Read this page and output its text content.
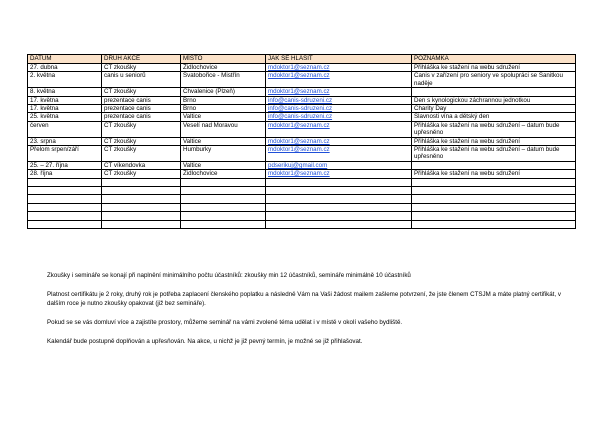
DATUM	DRUH AKCE	MÍSTO	JAK SE HLÁSIT	POZNÁMKA
27. dubna	CT zkoušky	Židlochovice	mdoktor1@seznam.cz	Přihláška ke stažení na webu sdružení
2. května	canis u seniorů	Svatobořice - Mistřín	mdoktor1@seznam.cz	Canis v zařízení pro seniory ve spolupráci se Sanitkou naděje
8. května	CT zkoušky	Chvalenice (Plzeň)	mdoktor1@seznam.cz	
17. května	prezentace canis	Brno	info@canis-sdruzeni.cz	Den s kynologickou záchrannou jednotkou
17. května	prezentace canis	Brno	info@canis-sdruzeni.cz	Charity Day
25. května	prezentace canis	Valtice	info@canis-sdruzeni.cz	Slavnosti vína a dětský den
červen	CT zkoušky	Veselí nad Moravou	mdoktor1@seznam.cz	Přihláška ke stažení na webu sdružení – datum bude upřesněno
23. srpna	CT zkoušky	Valtice	mdoktor1@seznam.cz	Přihláška ke stažení na webu sdružení
Přelom srpen/září	CT zkoušky	Humburky	mdoktor1@seznam.cz	Přihláška ke stažení na webu sdružení – datum bude upřesněno
25. – 27. října	CT víkendovka	Valtice	pdserikuj@gmail.com	
28. října	CT zkoušky	Židlochovice	mdoktor1@seznam.cz	Přihláška ke stažení na webu sdružení

Zkoušky i semináře se konají při naplnění minimálního počtu účastníků: zkoušky min 12 účastníků, semináře minimálně 10 účastníků

Platnost certifikátu je 2 roky, druhý rok je potřeba zaplacení členského poplatku a následně Vám na Vaši žádost mailem zašleme potvrzení, že jste členem CTSJM a máte platný certifikát, v dalším roce je nutno zkoušky opakovat (již bez semináře).

Pokud se se vás domluví více a zajistíte prostory, můžeme seminář na vámi zvolené téma udělat i v místě v okolí vašeho bydliště.

Kalendář bude postupně doplňován a upřesňován. Na akce, u nichž je již pevný termín, je možné se již přihlašovat.
